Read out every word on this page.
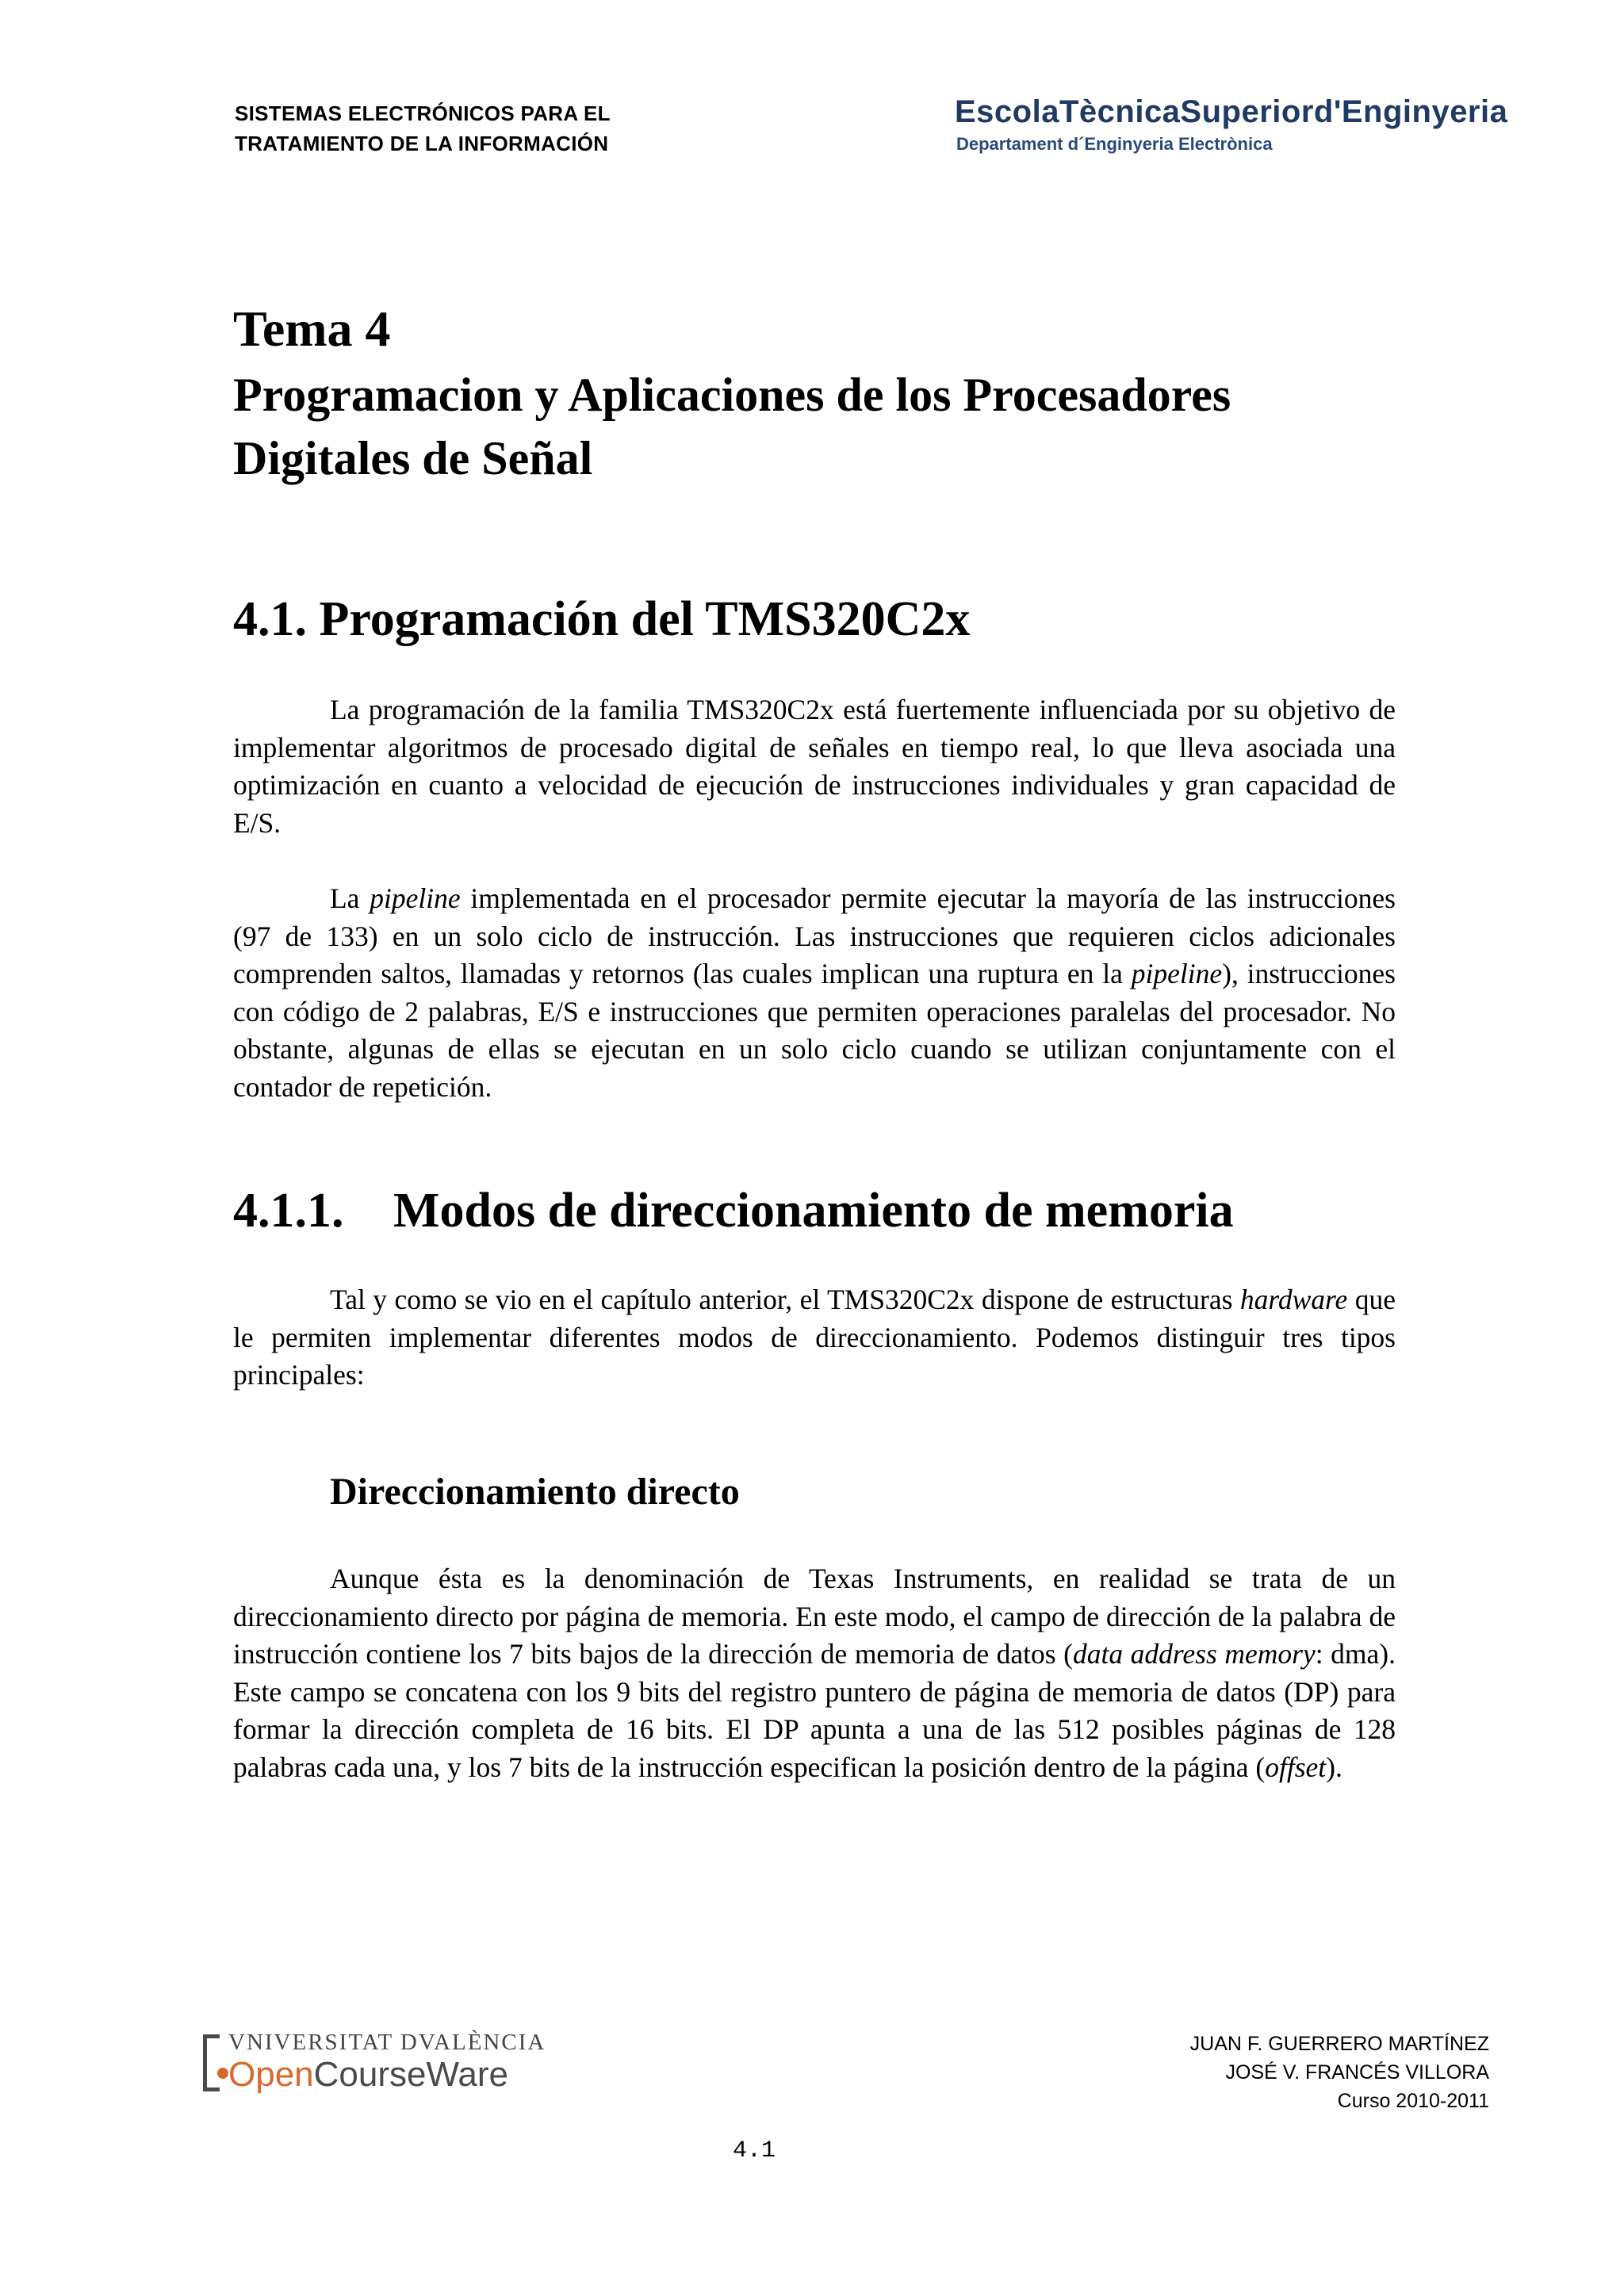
SISTEMAS ELECTRÓNICOS PARA EL
TRATAMIENTO DE LA INFORMACIÓN
EscolaTècnicaSuperiord'Enginyeria
Departament d´Enginyeria Electrònica
Tema 4
Programacion y Aplicaciones de los Procesadores
Digitales de Señal
4.1. Programación del TMS320C2x
La programación de la familia TMS320C2x está fuertemente influenciada por su objetivo de implementar algoritmos de procesado digital de señales en tiempo real, lo que lleva asociada una optimización en cuanto a velocidad de ejecución de instrucciones individuales y gran capacidad de E/S.
La pipeline implementada en el procesador permite ejecutar la mayoría de las instrucciones (97 de 133) en un solo ciclo de instrucción. Las instrucciones que requieren ciclos adicionales comprenden saltos, llamadas y retornos (las cuales implican una ruptura en la pipeline), instrucciones con código de 2 palabras, E/S e instrucciones que permiten operaciones paralelas del procesador. No obstante, algunas de ellas se ejecutan en un solo ciclo cuando se utilizan conjuntamente con el contador de repetición.
4.1.1. Modos de direccionamiento de memoria
Tal y como se vio en el capítulo anterior, el TMS320C2x dispone de estructuras hardware que le permiten implementar diferentes modos de direccionamiento. Podemos distinguir tres tipos principales:
Direccionamiento directo
Aunque ésta es la denominación de Texas Instruments, en realidad se trata de un direccionamiento directo por página de memoria. En este modo, el campo de dirección de la palabra de instrucción contiene los 7 bits bajos de la dirección de memoria de datos (data address memory: dma). Este campo se concatena con los 9 bits del registro puntero de página de memoria de datos (DP) para formar la dirección completa de 16 bits. El DP apunta a una de las 512 posibles páginas de 128 palabras cada una, y los 7 bits de la instrucción especifican la posición dentro de la página (offset).
VNIVERSITAT DVALÈNCIA
OpenCourseWare
JUAN F. GUERRERO MARTÍNEZ
JOSÉ V. FRANCÉS VILLORA
Curso 2010-2011
4.1
